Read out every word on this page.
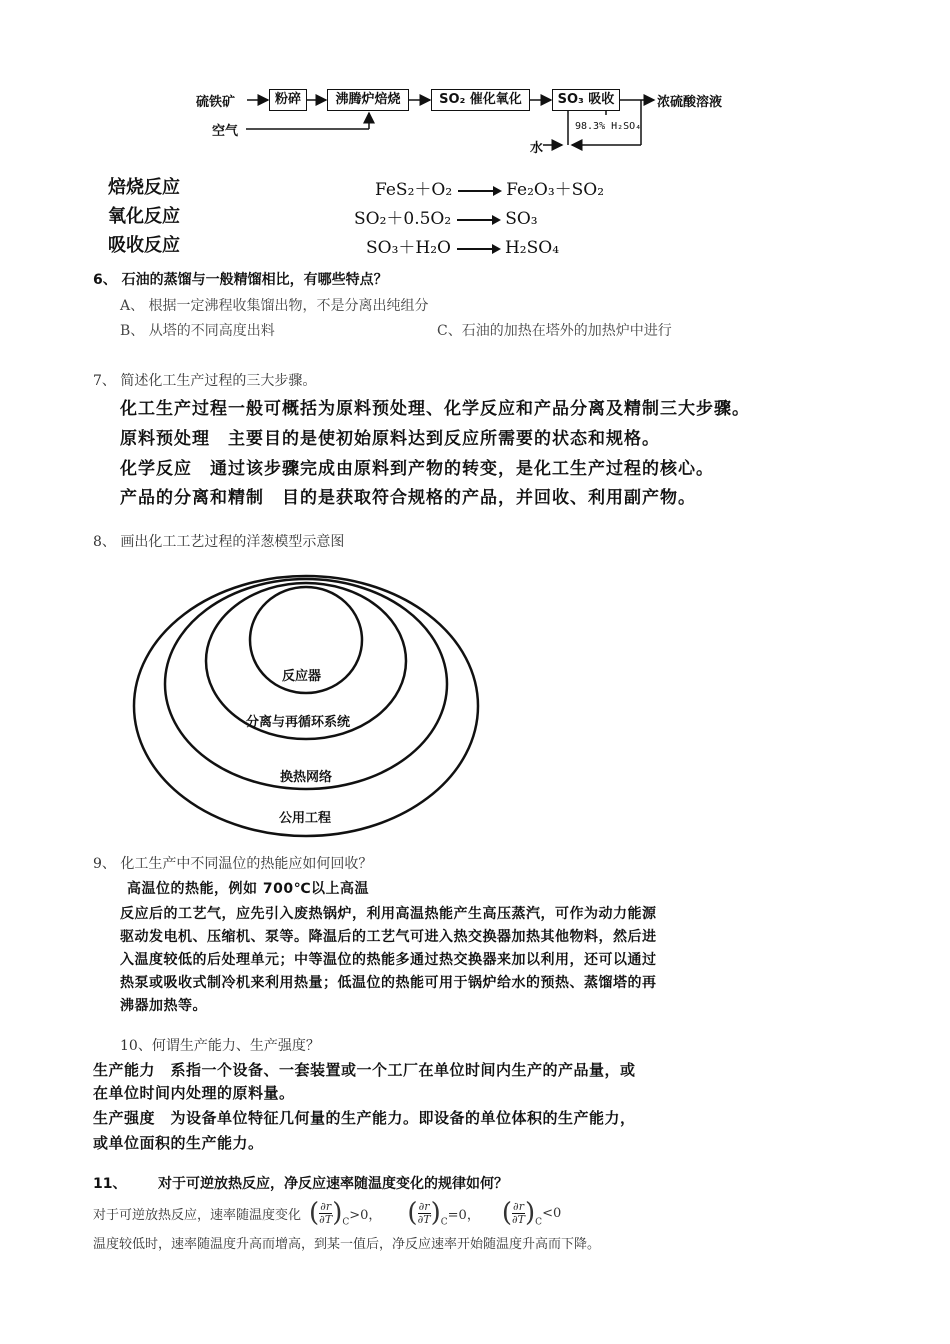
硫铁矿
空气
粉碎	沸腾炉焙烧	SO₂ 催化氧化	SO₃ 吸收	浓硫酸溶液
水
98.3% H₂SO₄
焙烧反应	FeS₂＋O₂ → Fe₂O₃＋SO₂
氧化反应	SO₂＋0.5O₂ → SO₃
吸收反应	SO₃＋H₂O → H₂SO₄
6、 石油的蒸馏与一般精馏相比，有哪些特点？
A、 根据一定沸程收集馏出物，不是分离出纯组分
B、 从塔的不同高度出料	C、石油的加热在塔外的加热炉中进行
7、 简述化工生产过程的三大步骤。
化工生产过程一般可概括为原料预处理、化学反应和产品分离及精制三大步骤。
原料预处理　主要目的是使初始原料达到反应所需要的状态和规格。
化学反应　通过该步骤完成由原料到产物的转变，是化工生产过程的核心。
产品的分离和精制　目的是获取符合规格的产品，并回收、利用副产物。
8、 画出化工工艺过程的洋葱模型示意图
反应器
分离与再循环系统
换热网络
公用工程
9、 化工生产中不同温位的热能应如何回收？
高温位的热能，例如 700℃以上高温
反应后的工艺气，应先引入废热锅炉，利用高温热能产生高压蒸汽，可作为动力能源
驱动发电机、压缩机、泵等。降温后的工艺气可进入热交换器加热其他物料，然后进
入温度较低的后处理单元；中等温位的热能多通过热交换器来加以利用，还可以通过
热泵或吸收式制冷机来利用热量；低温位的热能可用于锅炉给水的预热、蒸馏塔的再
沸器加热等。
10、何谓生产能力、生产强度？
生产能力　系指一个设备、一套装置或一个工厂在单位时间内生产的产品量，或
在单位时间内处理的原料量。
生产强度　为设备单位特征几何量的生产能力。即设备的单位体积的生产能力，
或单位面积的生产能力。
11、 对于可逆放热反应，净反应速率随温度变化的规律如何？
对于可逆放热反应，速率随温度变化 ( $\frac{\partial r}{\partial T} )_C >0$， ( $\frac{\partial r}{\partial T} )_C =0$， ( $\frac{\partial r}{\partial T} )_C$
<0
温度较低时，速率随温度升高而增高，到某一值后，净反应速率开始随温度升高而下降。
